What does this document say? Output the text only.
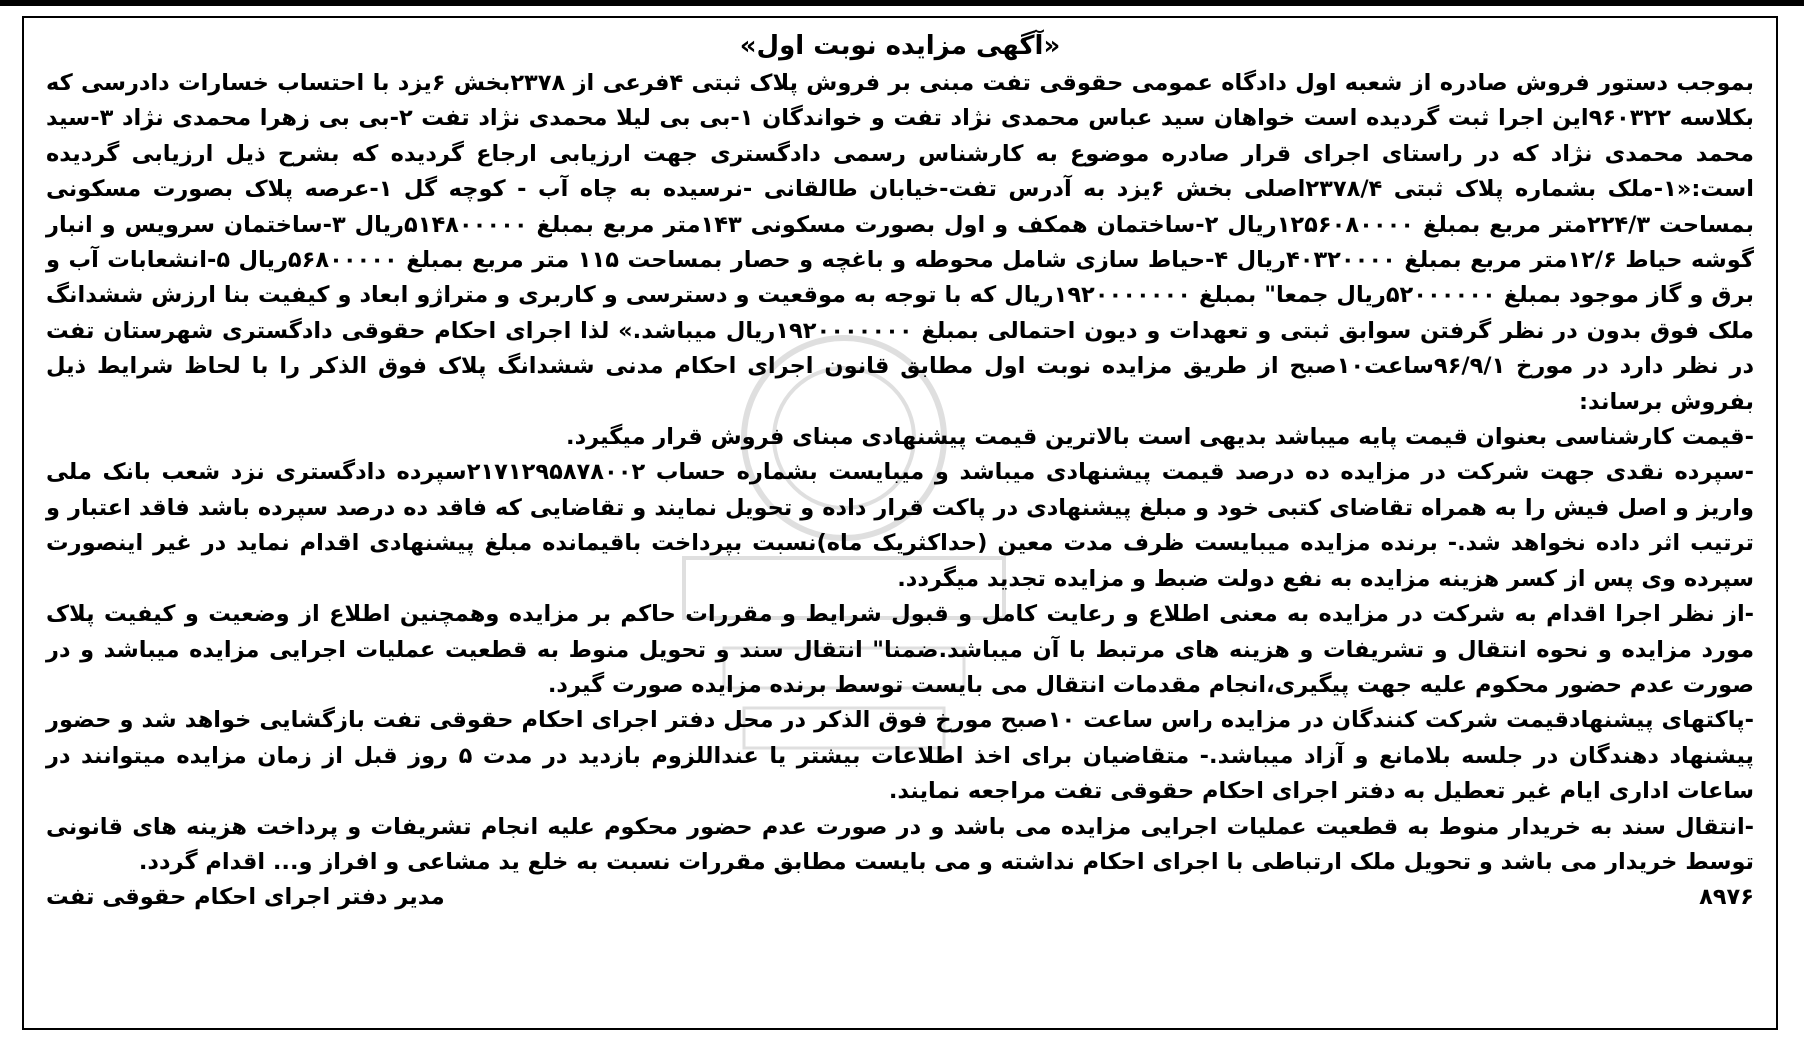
«آگهی مزایده نوبت اول»

بموجب دستور فروش صادره از شعبه اول دادگاه عمومی حقوقی تفت مبنی بر فروش پلاک ثبتی ۴فرعی از ۲۳۷۸بخش ۶یزد با احتساب خسارات دادرسی که بکلاسه ۹۶۰۳۲۲این اجرا ثبت گردیده است خواهان سید عباس محمدی نژاد تفت و خواندگان ۱-بی بی لیلا محمدی نژاد تفت ۲-بی بی زهرا محمدی نژاد ۳-سید محمد محمدی نژاد که در راستای اجرای قرار صادره موضوع به کارشناس رسمی دادگستری جهت ارزیابی ارجاع گردیده که بشرح ذیل ارزیابی گردیده است:«۱-ملک بشماره پلاک ثبتی ۲۳۷۸/۴اصلی بخش ۶یزد به آدرس تفت-خیابان طالقانی -نرسیده به چاه آب - کوچه گل ۱-عرصه پلاک بصورت مسکونی بمساحت ۲۲۴/۳متر مربع بمبلغ ۱۲۵۶۰۸۰۰۰۰ریال ۲-ساختمان همکف و اول بصورت مسکونی ۱۴۳متر مربع بمبلغ ۵۱۴۸۰۰۰۰۰ریال ۳-ساختمان سرویس و انبار گوشه حیاط ۱۲/۶متر مربع بمبلغ ۴۰۳۲۰۰۰۰ریال ۴-حیاط سازی شامل محوطه و باغچه و حصار بمساحت ۱۱۵ متر مربع بمبلغ ۵۶۸۰۰۰۰۰ریال ۵-انشعابات آب و برق و گاز موجود بمبلغ ۵۲۰۰۰۰۰۰ریال جمعا" بمبلغ ۱۹۲۰۰۰۰۰۰۰ریال که با توجه به موقعیت و دسترسی و کاربری و متراژو ابعاد و کیفیت بنا ارزش ششدانگ ملک فوق بدون در نظر گرفتن سوابق ثبتی و تعهدات و دیون احتمالی بمبلغ ۱۹۲۰۰۰۰۰۰۰ریال میباشد.» لذا اجرای احکام حقوقی دادگستری شهرستان تفت در نظر دارد در مورخ ۹۶/۹/۱ساعت۱۰صبح از طریق مزایده نوبت اول مطابق قانون اجرای احکام مدنی ششدانگ پلاک فوق الذکر را با لحاظ شرایط ذیل بفروش برساند:

-قیمت کارشناسی بعنوان قیمت پایه میباشد بدیهی است بالاترین قیمت پیشنهادی مبنای فروش قرار میگیرد.

-سپرده نقدی جهت شرکت در مزایده ده درصد قیمت پیشنهادی میباشد و میبایست بشماره حساب ۲۱۷۱۲۹۵۸۷۸۰۰۲سپرده دادگستری نزد شعب بانک ملی واریز و اصل فیش را به همراه تقاضای کتبی خود و مبلغ پیشنهادی در پاکت قرار داده و تحویل نمایند و تقاضایی که فاقد ده درصد سپرده باشد فاقد اعتبار و ترتیب اثر داده نخواهد شد.- برنده مزایده میبایست ظرف مدت معین (حداکثریک ماه)نسبت بپرداخت باقیمانده مبلغ پیشنهادی اقدام نماید در غیر اینصورت سپرده وی پس از کسر هزینه مزایده به نفع دولت ضبط و مزایده تجدید میگردد.

-از نظر اجرا اقدام به شرکت در مزایده به معنی اطلاع و رعایت کامل و قبول شرایط و مقررات حاکم بر مزایده وهمچنین اطلاع از وضعیت و کیفیت پلاک مورد مزایده و نحوه انتقال و تشریفات و هزینه های مرتبط با آن میباشد.ضمنا" انتقال سند و تحویل منوط به قطعیت عملیات اجرایی مزایده میباشد و در صورت عدم حضور محکوم علیه جهت پیگیری،انجام مقدمات انتقال می بایست توسط برنده مزایده صورت گیرد.

-پاکتهای پیشنهادقیمت شرکت کنندگان در مزایده راس ساعت ۱۰صبح مورخ فوق الذکر در محل دفتر اجرای احکام حقوقی تفت بازگشایی خواهد شد و حضور پیشنهاد دهندگان در جلسه بلامانع و آزاد میباشد.- متقاضیان برای اخذ اطلاعات بیشتر یا عنداللزوم بازدید در مدت ۵ روز قبل از زمان مزایده میتوانند در ساعات اداری ایام غیر تعطیل به دفتر اجرای احکام حقوقی تفت مراجعه نمایند.

-انتقال سند به خریدار منوط به قطعیت عملیات اجرایی مزایده می باشد و در صورت عدم حضور محکوم علیه انجام تشریفات و پرداخت هزینه های قانونی توسط خریدار می باشد و تحویل ملک ارتباطی با اجرای احکام نداشته و می بایست مطابق مقررات نسبت به خلع ید مشاعی و افراز و... اقدام گردد.

۸۹۷۶
مدیر دفتر اجرای احکام حقوقی تفت
